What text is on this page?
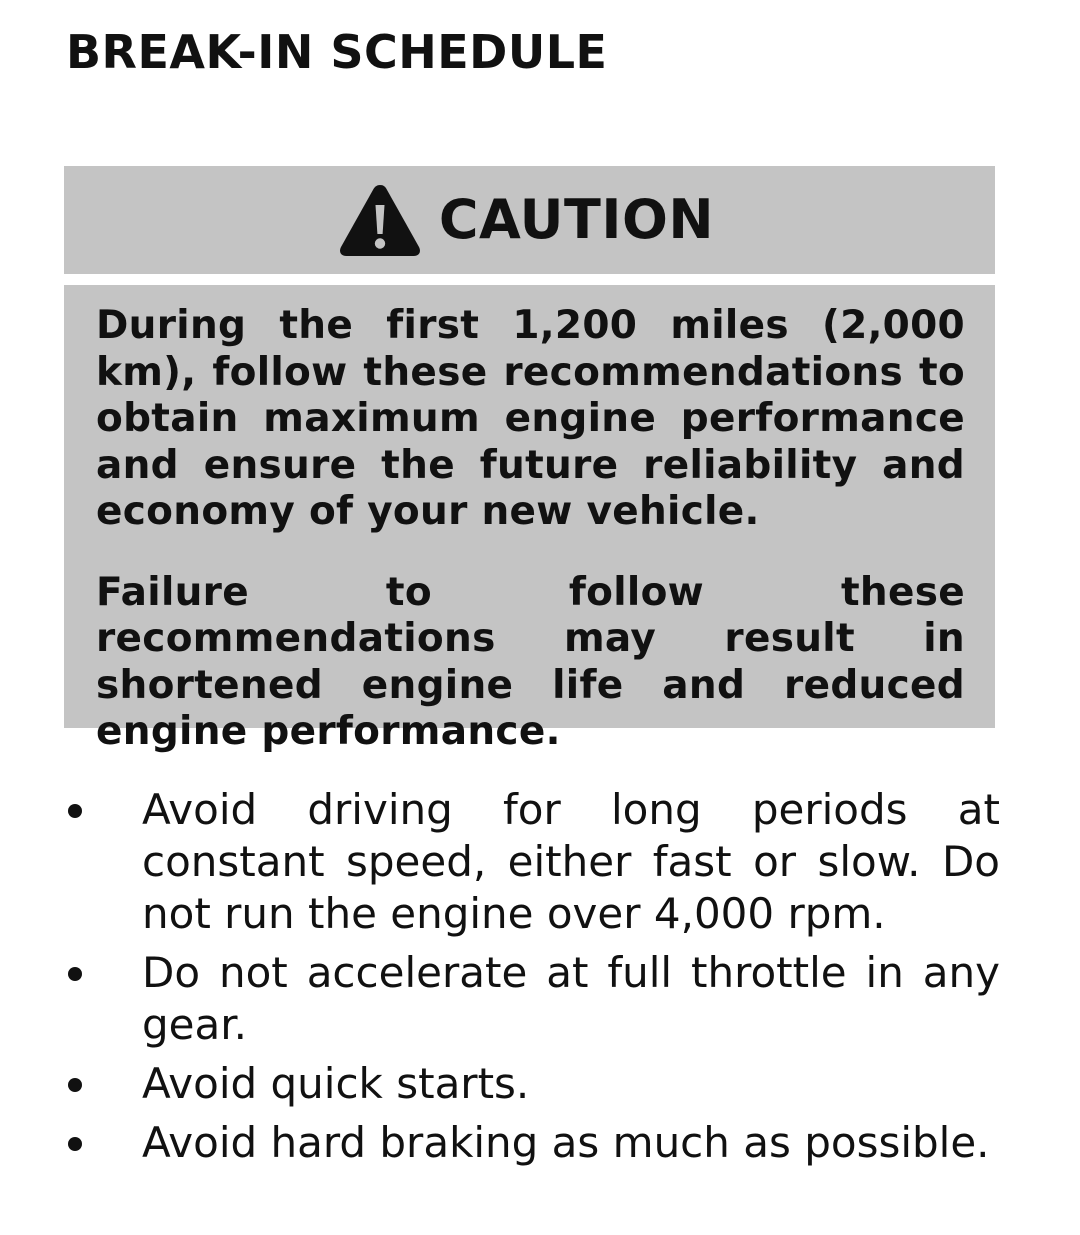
BREAK-IN SCHEDULE
CAUTION

During the first 1,200 miles (2,000 km), follow these recommendations to obtain maximum engine performance and ensure the future reliability and economy of your new vehicle.

Failure to follow these recommendations may result in shortened engine life and reduced engine performance.

Avoid driving for long periods at constant speed, either fast or slow. Do not run the engine over 4,000 rpm.
Do not accelerate at full throttle in any gear.
Avoid quick starts.
Avoid hard braking as much as possible.
